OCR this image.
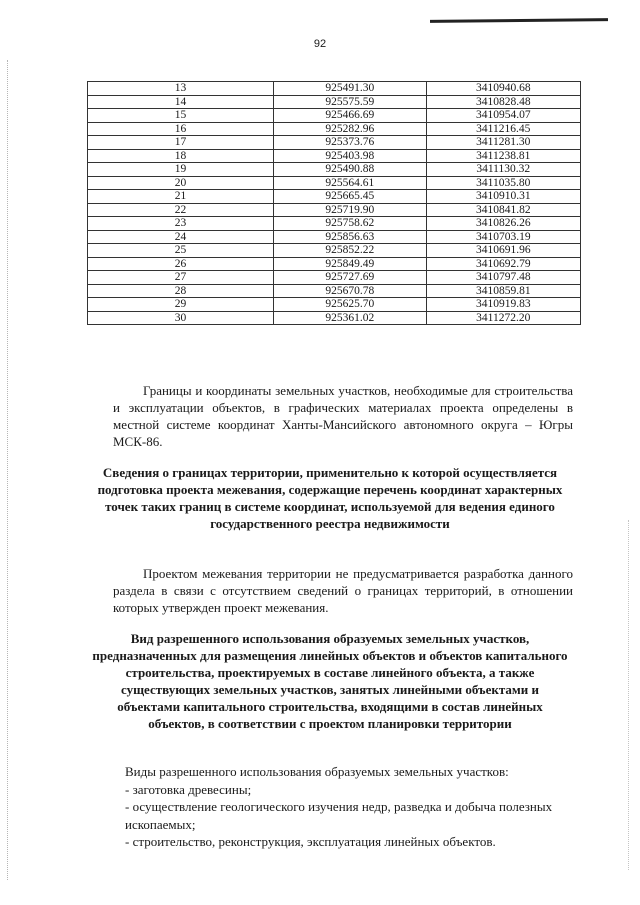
92
13	925491.30	3410940.68
14	925575.59	3410828.48
15	925466.69	3410954.07
16	925282.96	3411216.45
17	925373.76	3411281.30
18	925403.98	3411238.81
19	925490.88	3411130.32
20	925564.61	3411035.80
21	925665.45	3410910.31
22	925719.90	3410841.82
23	925758.62	3410826.26
24	925856.63	3410703.19
25	925852.22	3410691.96
26	925849.49	3410692.79
27	925727.69	3410797.48
28	925670.78	3410859.81
29	925625.70	3410919.83
30	925361.02	3411272.20

Границы и координаты земельных участков, необходимые для строительства и эксплуатации объектов, в графических материалах проекта определены в местной системе координат Ханты-Мансийского автономного округа – Югры МСК-86.

Сведения о границах территории, применительно к которой осуществляется подготовка проекта межевания, содержащие перечень координат характерных точек таких границ в системе координат, используемой для ведения единого государственного реестра недвижимости

Проектом межевания территории не предусматривается разработка данного раздела в связи с отсутствием сведений о границах территорий, в отношении которых утвержден проект межевания.

Вид разрешенного использования образуемых земельных участков, предназначенных для размещения линейных объектов и объектов капитального строительства, проектируемых в составе линейного объекта, а также существующих земельных участков, занятых линейными объектами и объектами капитального строительства, входящими в состав линейных объектов, в соответствии с проектом планировки территории

Виды разрешенного использования образуемых земельных участков:
- заготовка древесины;
- осуществление геологического изучения недр, разведка и добыча полезных ископаемых;
- строительство, реконструкция, эксплуатация линейных объектов.
